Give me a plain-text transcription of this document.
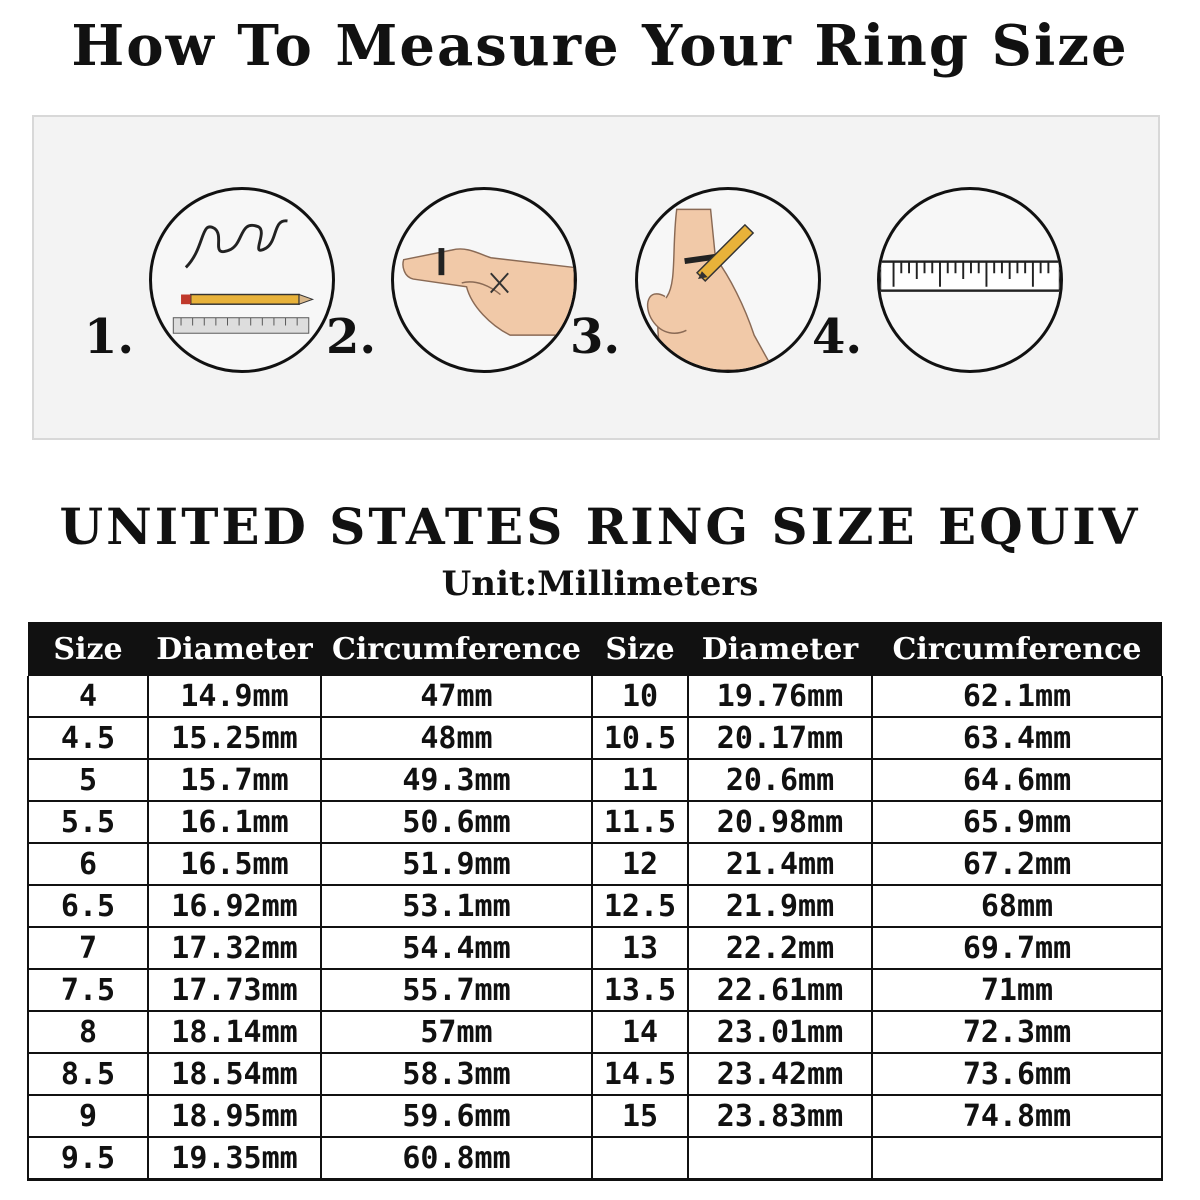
How To Measure Your Ring Size
1.	2.	3.	4.
UNITED STATES RING SIZE EQUIV
Unit:Millimeters
Size	Diameter	Circumference	Size	Diameter	Circumference
4	14.9mm	47mm	10	19.76mm	62.1mm
4.5	15.25mm	48mm	10.5	20.17mm	63.4mm
5	15.7mm	49.3mm	11	20.6mm	64.6mm
5.5	16.1mm	50.6mm	11.5	20.98mm	65.9mm
6	16.5mm	51.9mm	12	21.4mm	67.2mm
6.5	16.92mm	53.1mm	12.5	21.9mm	68mm
7	17.32mm	54.4mm	13	22.2mm	69.7mm
7.5	17.73mm	55.7mm	13.5	22.61mm	71mm
8	18.14mm	57mm	14	23.01mm	72.3mm
8.5	18.54mm	58.3mm	14.5	23.42mm	73.6mm
9	18.95mm	59.6mm	15	23.83mm	74.8mm
9.5	19.35mm	60.8mm			
